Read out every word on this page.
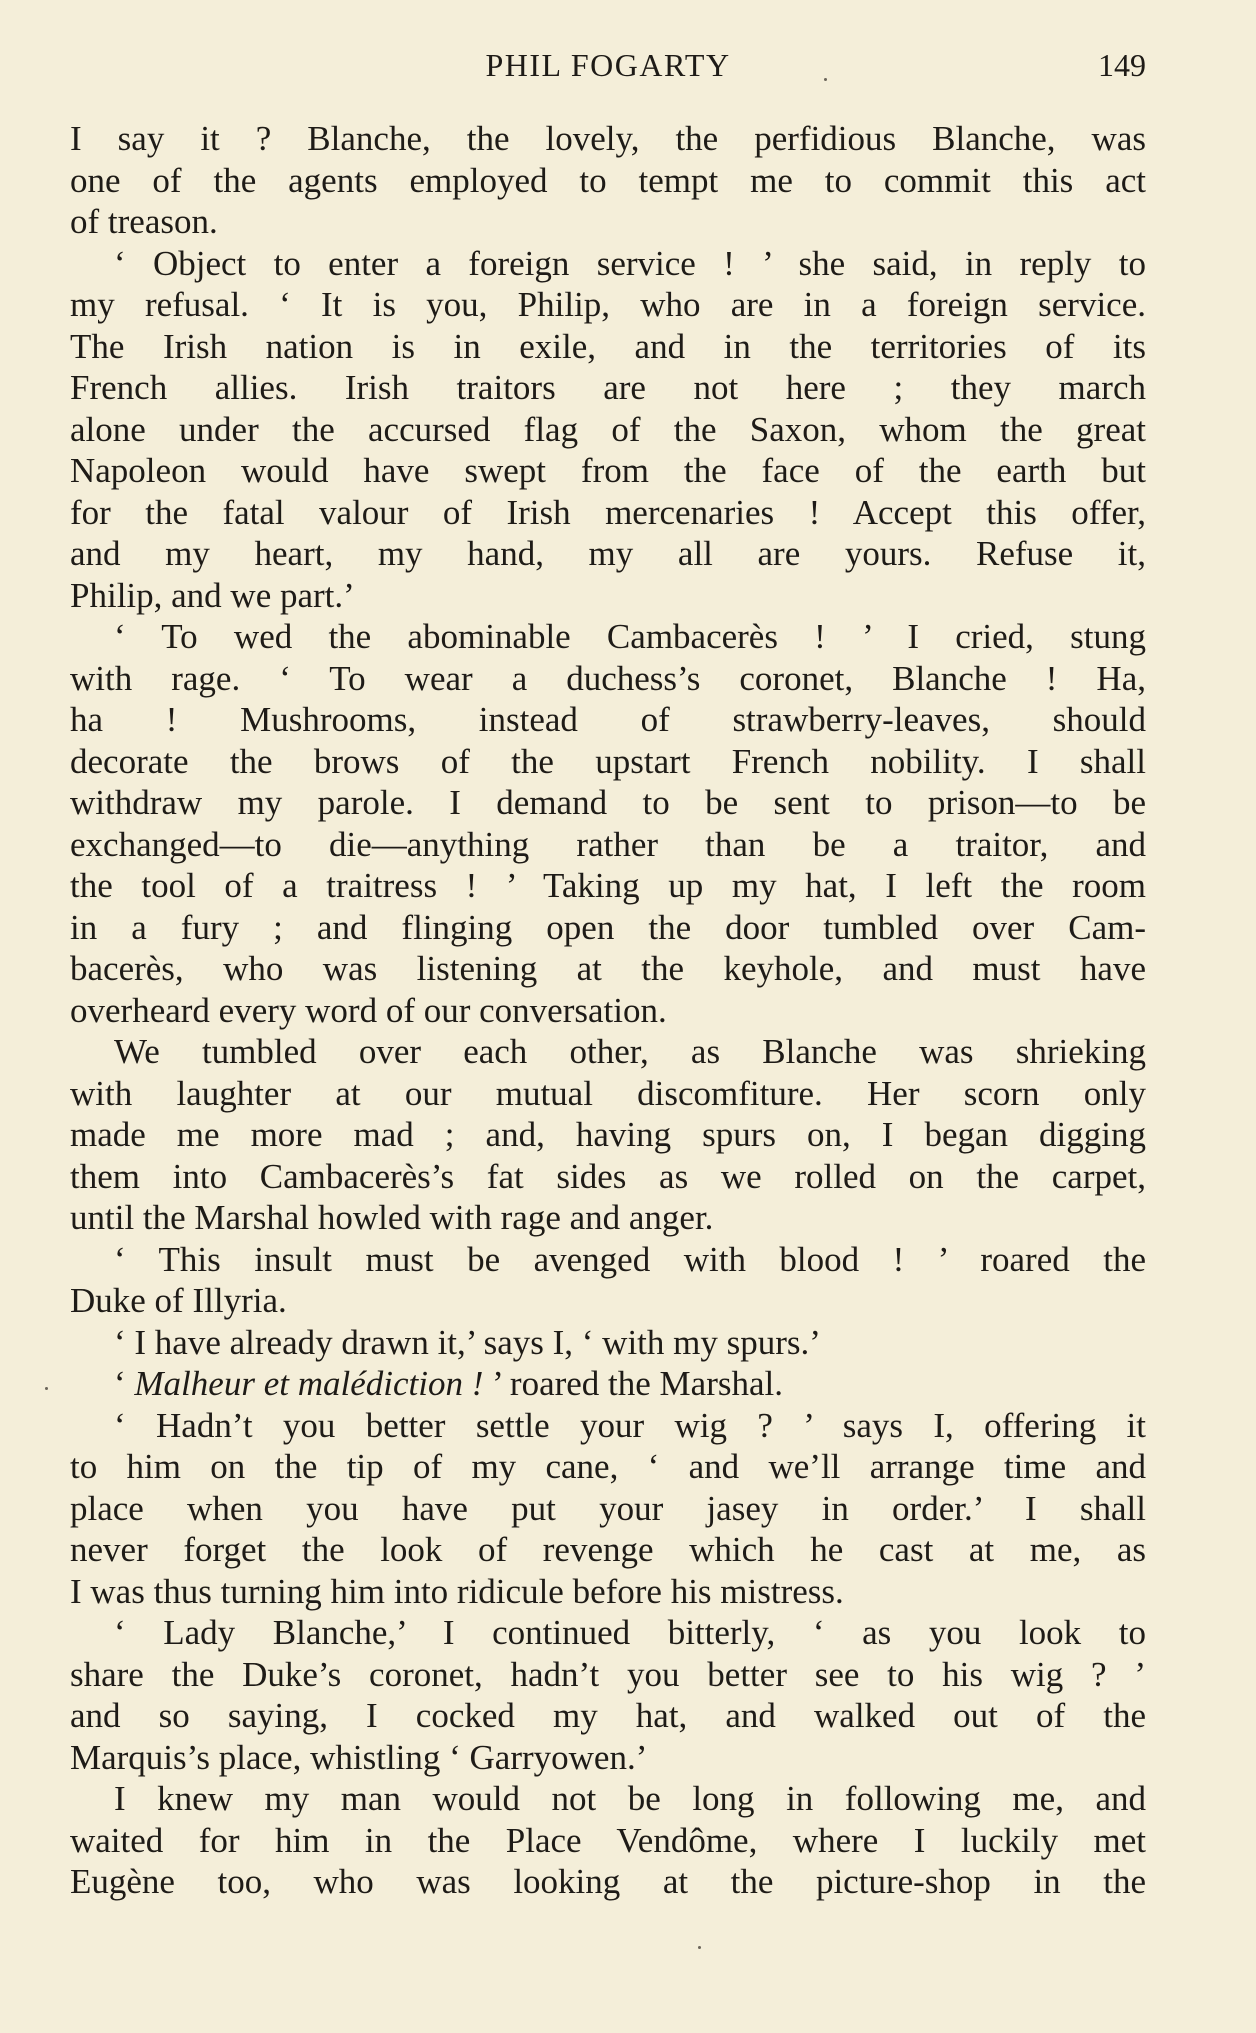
PHIL FOGARTY	149
I say it ? Blanche, the lovely, the perfidious Blanche, was
one of the agents employed to tempt me to commit this act
of treason.
‘ Object to enter a foreign service ! ’ she said, in reply to
my refusal. ‘ It is you, Philip, who are in a foreign service.
The Irish nation is in exile, and in the territories of its
French allies. Irish traitors are not here ; they march
alone under the accursed flag of the Saxon, whom the great
Napoleon would have swept from the face of the earth but
for the fatal valour of Irish mercenaries ! Accept this offer,
and my heart, my hand, my all are yours. Refuse it,
Philip, and we part.’
‘ To wed the abominable Cambacerès ! ’ I cried, stung
with rage. ‘ To wear a duchess’s coronet, Blanche ! Ha,
ha ! Mushrooms, instead of strawberry-leaves, should
decorate the brows of the upstart French nobility. I shall
withdraw my parole. I demand to be sent to prison—to be
exchanged—to die—anything rather than be a traitor, and
the tool of a traitress ! ’ Taking up my hat, I left the room
in a fury ; and flinging open the door tumbled over Cam-
bacerès, who was listening at the keyhole, and must have
overheard every word of our conversation.
We tumbled over each other, as Blanche was shrieking
with laughter at our mutual discomfiture. Her scorn only
made me more mad ; and, having spurs on, I began digging
them into Cambacerès’s fat sides as we rolled on the carpet,
until the Marshal howled with rage and anger.
‘ This insult must be avenged with blood ! ’ roared the
Duke of Illyria.
‘ I have already drawn it,’ says I, ‘ with my spurs.’
‘ Malheur et malédiction ! ’ roared the Marshal.
‘ Hadn’t you better settle your wig ? ’ says I, offering it
to him on the tip of my cane, ‘ and we’ll arrange time and
place when you have put your jasey in order.’ I shall
never forget the look of revenge which he cast at me, as
I was thus turning him into ridicule before his mistress.
‘ Lady Blanche,’ I continued bitterly, ‘ as you look to
share the Duke’s coronet, hadn’t you better see to his wig ? ’
and so saying, I cocked my hat, and walked out of the
Marquis’s place, whistling ‘ Garryowen.’
I knew my man would not be long in following me, and
waited for him in the Place Vendôme, where I luckily met
Eugène too, who was looking at the picture-shop in the
